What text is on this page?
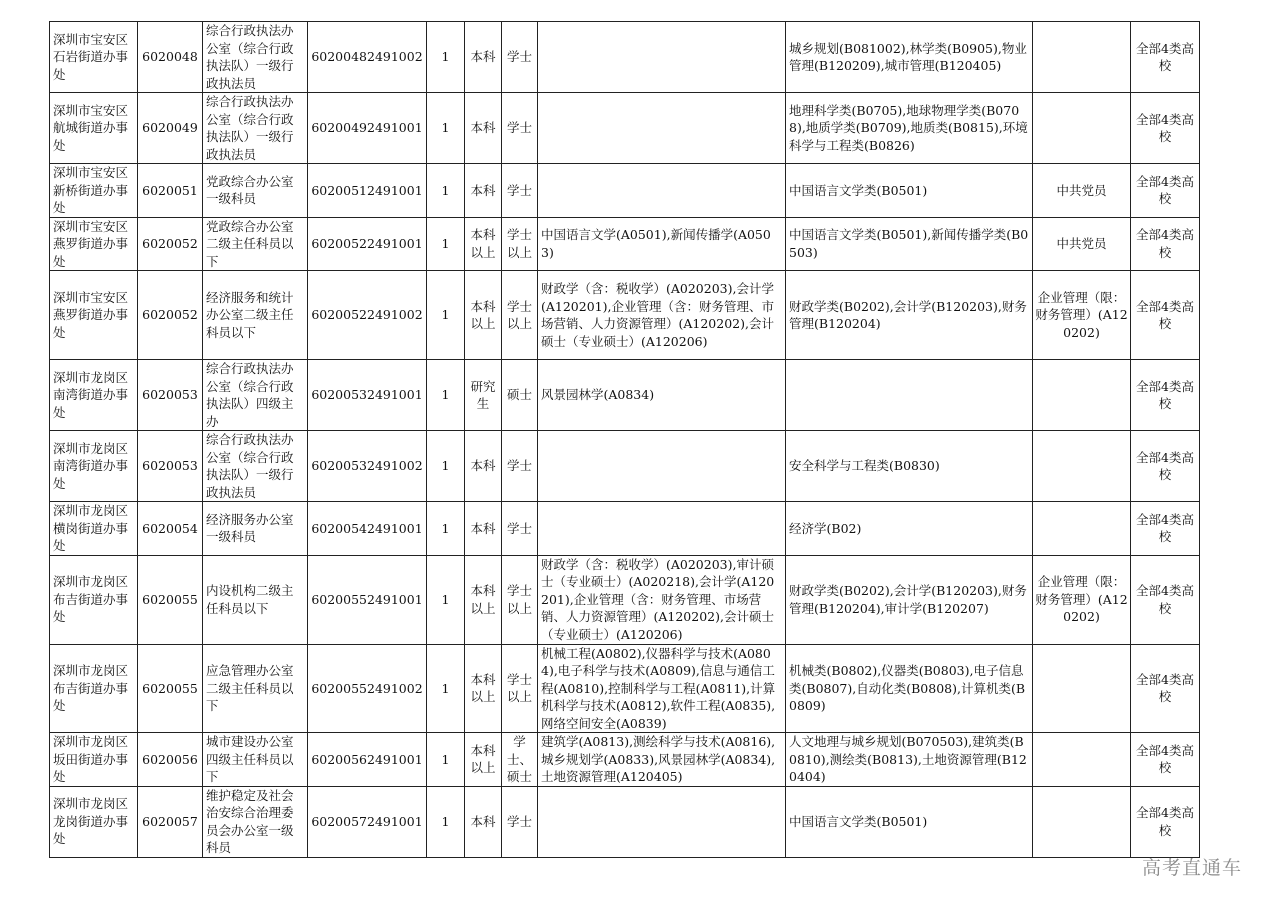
深圳市宝安区石岩街道办事处	6020048	综合行政执法办公室（综合行政执法队）一级行政执法员	60200482491002	1	本科	学士		城乡规划(B081002),林学类(B0905),物业管理(B120209),城市管理(B120405)		全部4类高校
深圳市宝安区航城街道办事处	6020049	综合行政执法办公室（综合行政执法队）一级行政执法员	60200492491001	1	本科	学士		地理科学类(B0705),地球物理学类(B0708),地质学类(B0709),地质类(B0815),环境科学与工程类(B0826)		全部4类高校
深圳市宝安区新桥街道办事处	6020051	党政综合办公室一级科员	60200512491001	1	本科	学士		中国语言文学类(B0501)	中共党员	全部4类高校
深圳市宝安区燕罗街道办事处	6020052	党政综合办公室二级主任科员以下	60200522491001	1	本科以上	学士以上	中国语言文学(A0501),新闻传播学(A0503)	中国语言文学类(B0501),新闻传播学类(B0503)	中共党员	全部4类高校
深圳市宝安区燕罗街道办事处	6020052	经济服务和统计办公室二级主任科员以下	60200522491002	1	本科以上	学士以上	财政学（含：税收学）(A020203),会计学(A120201),企业管理（含：财务管理、市场营销、人力资源管理）(A120202),会计硕士（专业硕士）(A120206)	财政学类(B0202),会计学(B120203),财务管理(B120204)	企业管理（限：财务管理）(A120202)	全部4类高校
深圳市龙岗区南湾街道办事处	6020053	综合行政执法办公室（综合行政执法队）四级主办	60200532491001	1	研究生	硕士	风景园林学(A0834)			全部4类高校
深圳市龙岗区南湾街道办事处	6020053	综合行政执法办公室（综合行政执法队）一级行政执法员	60200532491002	1	本科	学士		安全科学与工程类(B0830)		全部4类高校
深圳市龙岗区横岗街道办事处	6020054	经济服务办公室一级科员	60200542491001	1	本科	学士		经济学(B02)		全部4类高校
深圳市龙岗区布吉街道办事处	6020055	内设机构二级主任科员以下	60200552491001	1	本科以上	学士以上	财政学（含：税收学）(A020203),审计硕士（专业硕士）(A020218),会计学(A120201),企业管理（含：财务管理、市场营销、人力资源管理）(A120202),会计硕士（专业硕士）(A120206)	财政学类(B0202),会计学(B120203),财务管理(B120204),审计学(B120207)	企业管理（限：财务管理）(A120202)	全部4类高校
深圳市龙岗区布吉街道办事处	6020055	应急管理办公室二级主任科员以下	60200552491002	1	本科以上	学士以上	机械工程(A0802),仪器科学与技术(A0804),电子科学与技术(A0809),信息与通信工程(A0810),控制科学与工程(A0811),计算机科学与技术(A0812),软件工程(A0835),网络空间安全(A0839)	机械类(B0802),仪器类(B0803),电子信息类(B0807),自动化类(B0808),计算机类(B0809)		全部4类高校
深圳市龙岗区坂田街道办事处	6020056	城市建设办公室四级主任科员以下	60200562491001	1	本科以上	学士、硕士	建筑学(A0813),测绘科学与技术(A0816),城乡规划学(A0833),风景园林学(A0834),土地资源管理(A120405)	人文地理与城乡规划(B070503),建筑类(B0810),测绘类(B0813),土地资源管理(B120404)		全部4类高校
深圳市龙岗区龙岗街道办事处	6020057	维护稳定及社会治安综合治理委员会办公室一级科员	60200572491001	1	本科	学士		中国语言文学类(B0501)		全部4类高校
高考直通车
